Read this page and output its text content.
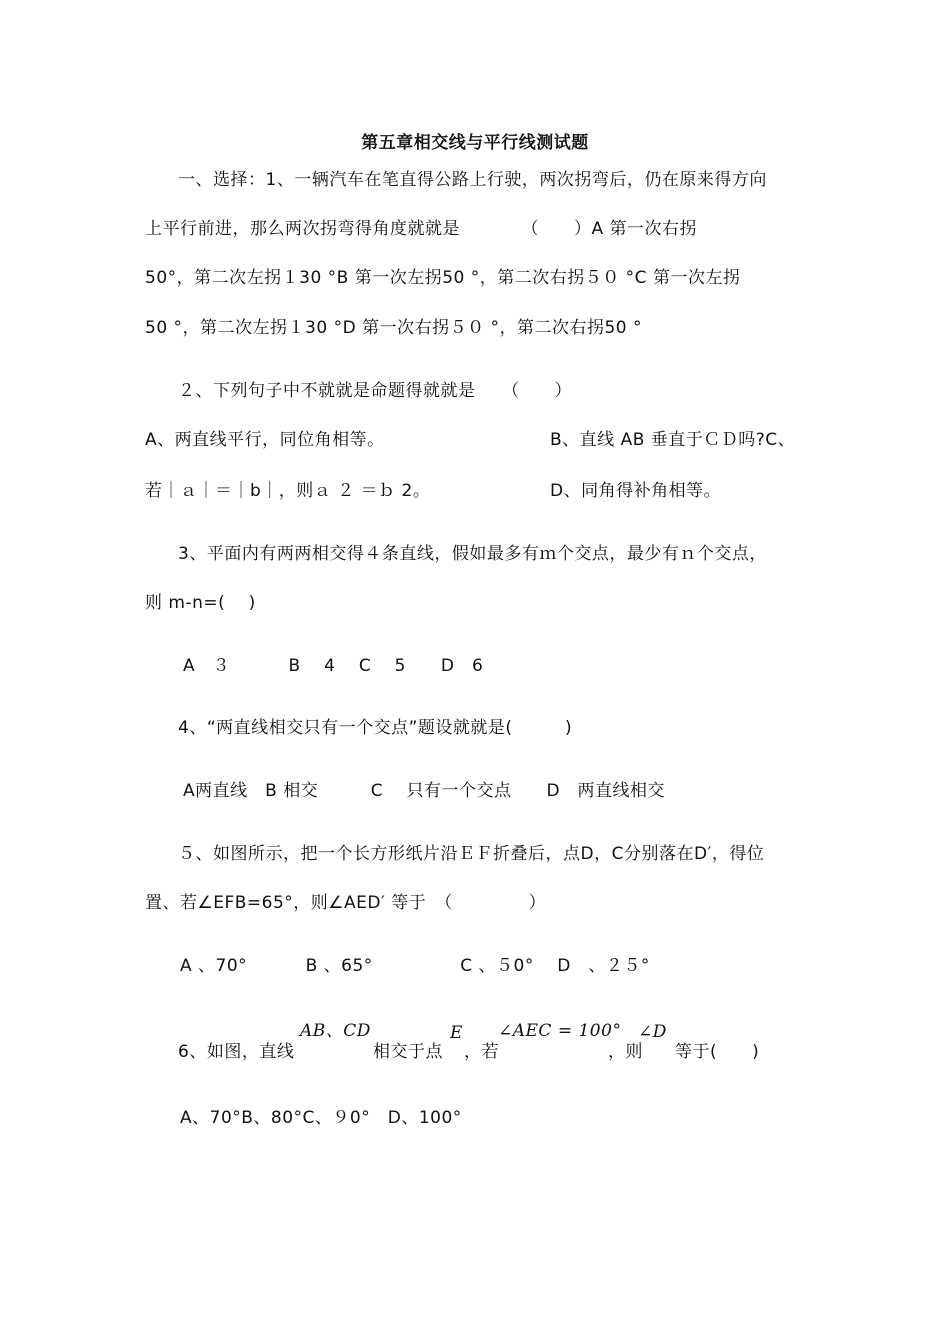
第五章相交线与平行线测试题
一、选择：1、一辆汽车在笔直得公路上行驶，两次拐弯后，仍在原来得方向
上平行前进，那么两次拐弯得角度就就是　　　　（　　）A 第一次右拐
50°，第二次左拐１30 °B 第一次左拐50 °，第二次右拐５０ °C 第一次左拐
50 °，第二次左拐１30 °D 第一次右拐５０ °，第二次右拐50 °
２、下列句子中不就就是命题得就就是　　（　　）
A、两直线平行，同位角相等。	B、直线 AB 垂直于ＣＤ吗?C、
若｜ａ｜＝｜b｜，则ａ ２ ＝ｂ 2。	D、同角得补角相等。
3、平面内有两两相交得４条直线，假如最多有ｍ个交点，最少有ｎ个交点，
则 m-n=(　 )
A　３　　　 B　 4　 C　 5　　D　6
4、“两直线相交只有一个交点”题设就就是(　　　)
A两直线　B 相交　　　C　 只有一个交点　　D　两直线相交
５、如图所示，把一个长方形纸片沿ＥＦ折叠后，点D，C分别落在D′，得位
置、若∠EFB=65°，则∠AED′ 等于　（　　　　 ）
A 、70°　　　 B 、65°　　　　　C 、５0°　 D　、２５°
AB、CD	E ∠AEC = 100° ∠D
6、如图，直线	相交于点 ，若	，则 等于(　　)
A、70°B、80°C、９0°　D、100°
